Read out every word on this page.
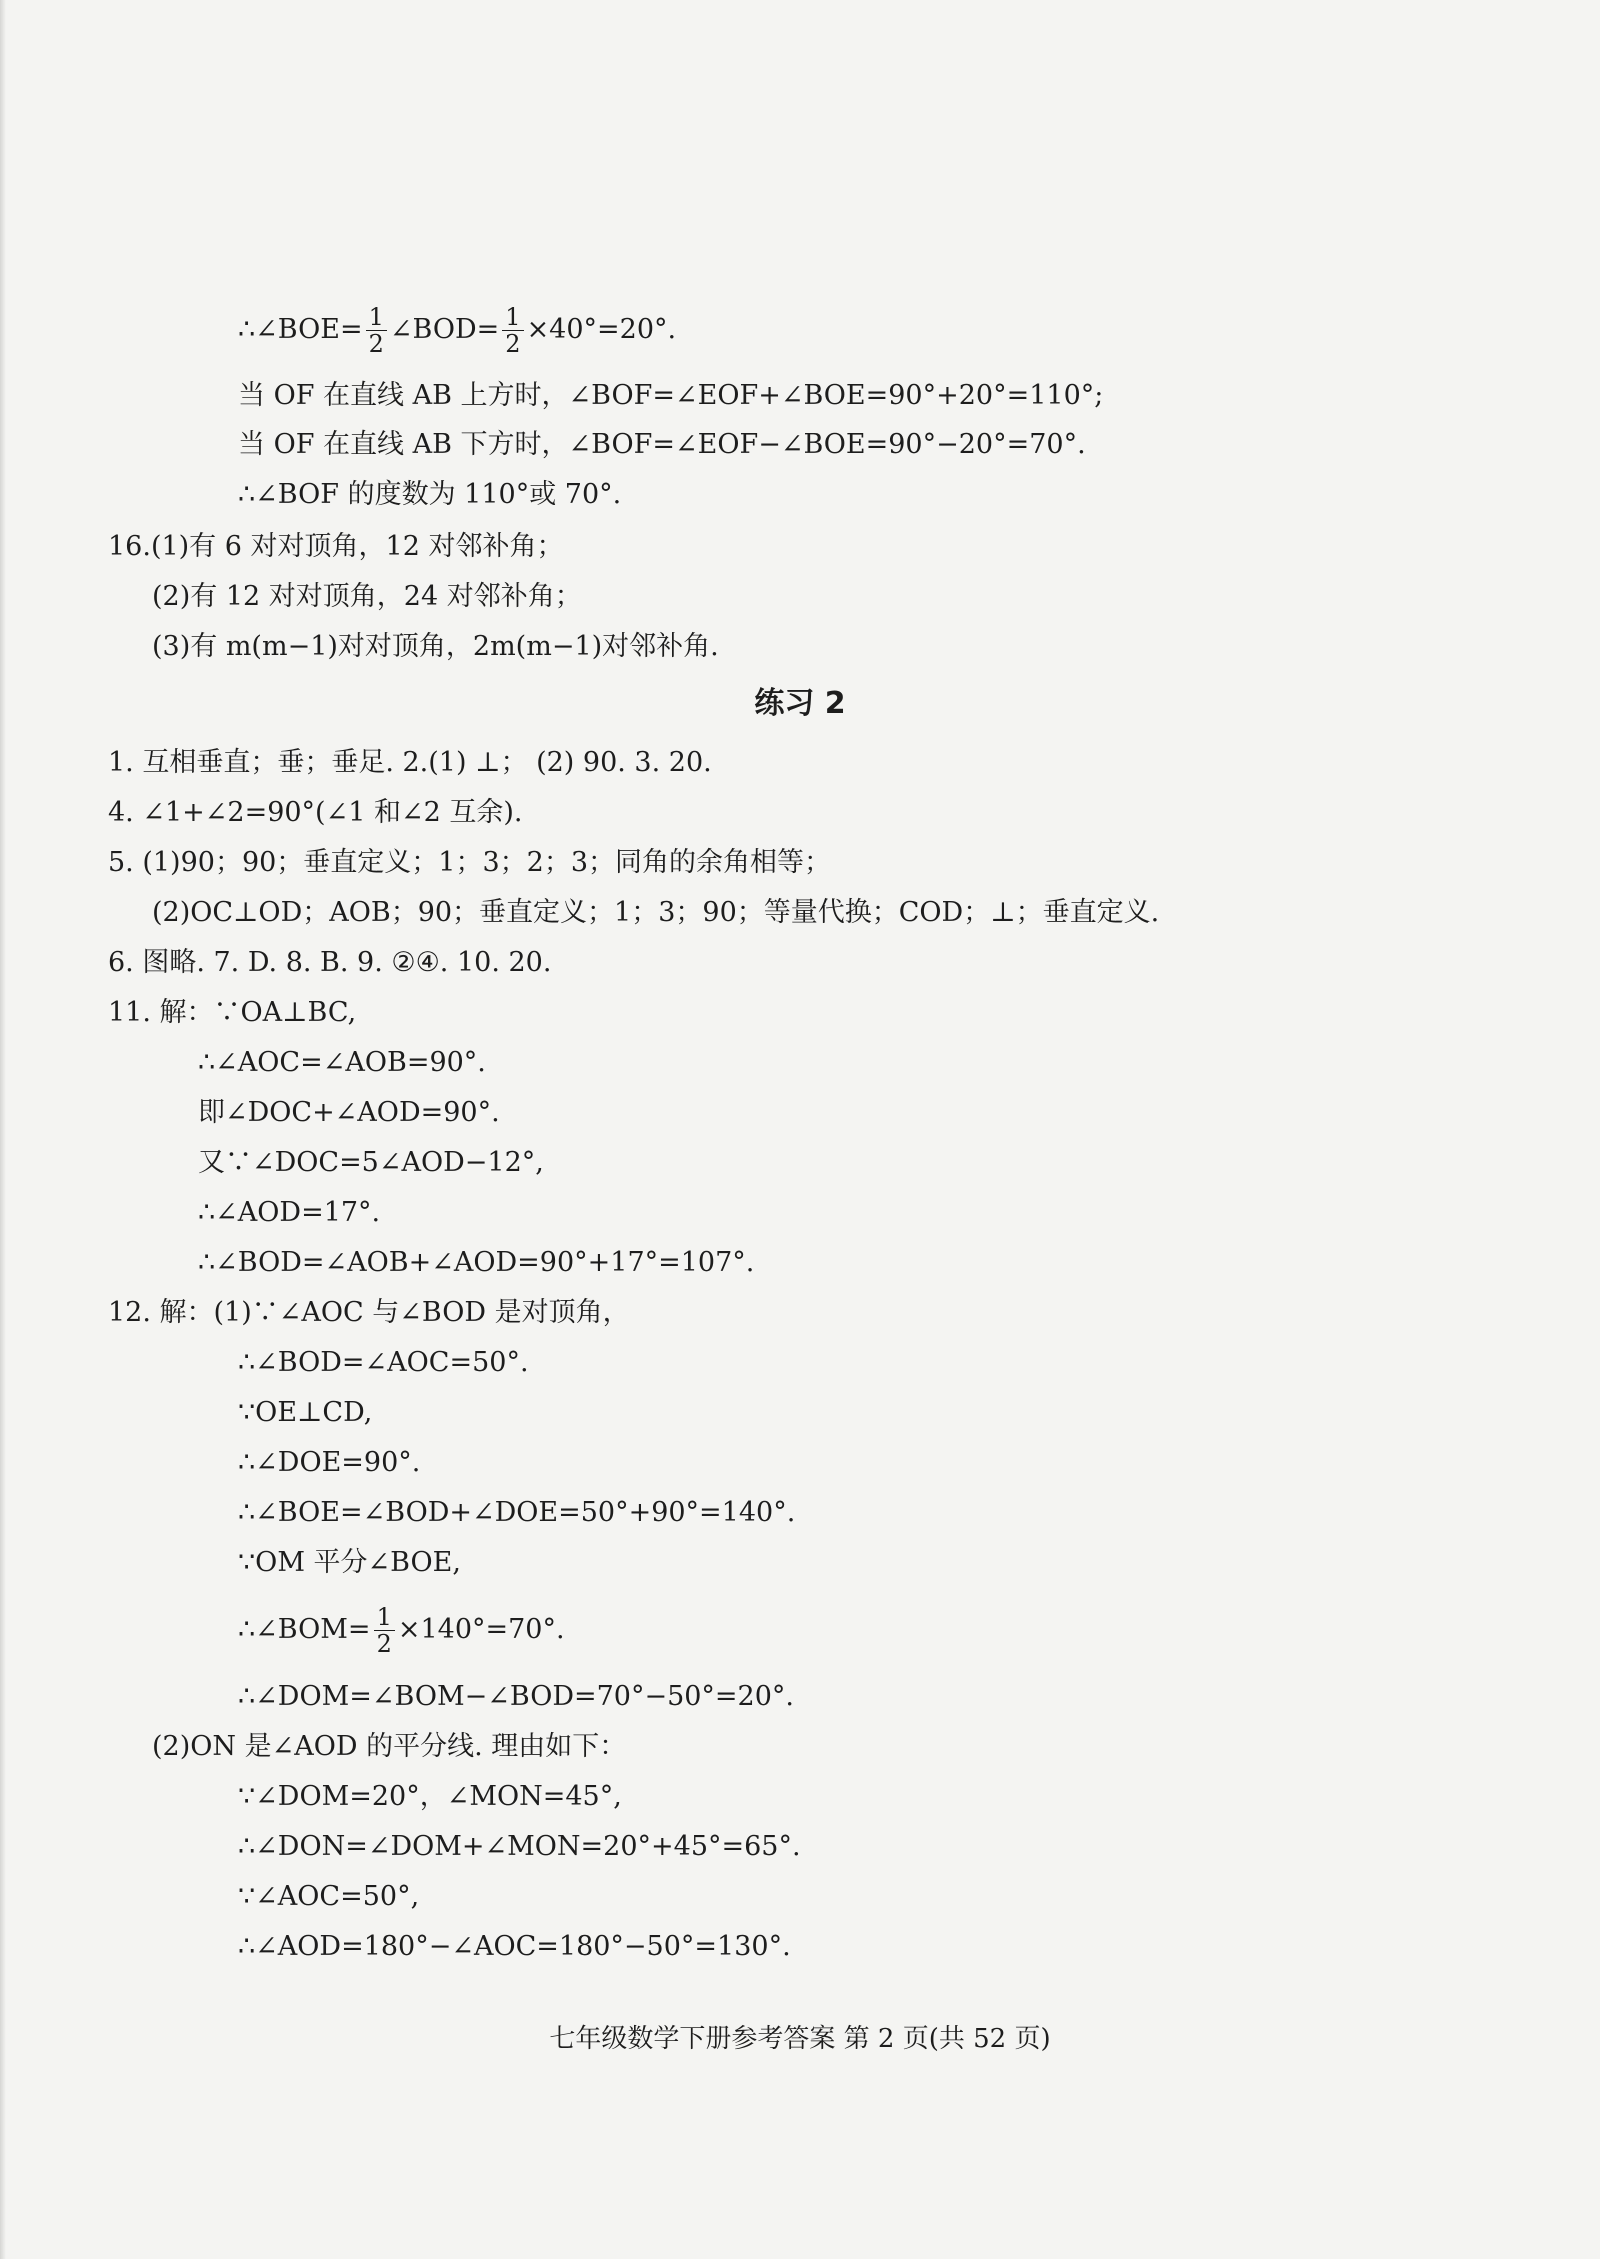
∴∠BOE= $\frac{1}{2}$ ∠BOD= $\frac{1}{2} \times 40^\circ=20^\circ$.
当 OF 在直线 AB 上方时，∠BOF=∠EOF+∠BOE=90°+20°=110°;
当 OF 在直线 AB 下方时，∠BOF=∠EOF−∠BOE=90°−20°=70°.
∴∠BOF 的度数为 110°或 70°.
16.(1)有 6 对对顶角，12 对邻补角；
(2)有 12 对对顶角，24 对邻补角；
(3)有 m(m−1)对对顶角，2m(m−1)对邻补角.
练习 2
1. 互相垂直；垂；垂足. 2.(1) ⊥； (2) 90. 3. 20.
4. ∠1+∠2=90°(∠1 和∠2 互余).
5. (1)90；90；垂直定义；1；3；2；3；同角的余角相等；
(2)OC⊥OD；AOB；90；垂直定义；1；3；90；等量代换；COD；⊥；垂直定义.
6. 图略. 7. D. 8. B. 9. ②④. 10. 20.
11. 解：∵OA⊥BC,
∴∠AOC=∠AOB=90°.
即∠DOC+∠AOD=90°.
又∵∠DOC=5∠AOD−12°,
∴∠AOD=17°.
∴∠BOD=∠AOB+∠AOD=90°+17°=107°.
12. 解：(1)∵∠AOC 与∠BOD 是对顶角，
∴∠BOD=∠AOC=50°.
∵OE⊥CD,
∴∠DOE=90°.
∴∠BOE=∠BOD+∠DOE=50°+90°=140°.
∵OM 平分∠BOE,
∴∠BOM= $\frac{1}{2} \times 140^\circ=70^\circ$.
∴∠DOM=∠BOM−∠BOD=70°−50°=20°.
(2)ON 是∠AOD 的平分线. 理由如下：
∵∠DOM=20°，∠MON=45°,
∴∠DON=∠DOM+∠MON=20°+45°=65°.
∵∠AOC=50°,
∴∠AOD=180°−∠AOC=180°−50°=130°.
七年级数学下册参考答案 第 2 页(共 52 页)
